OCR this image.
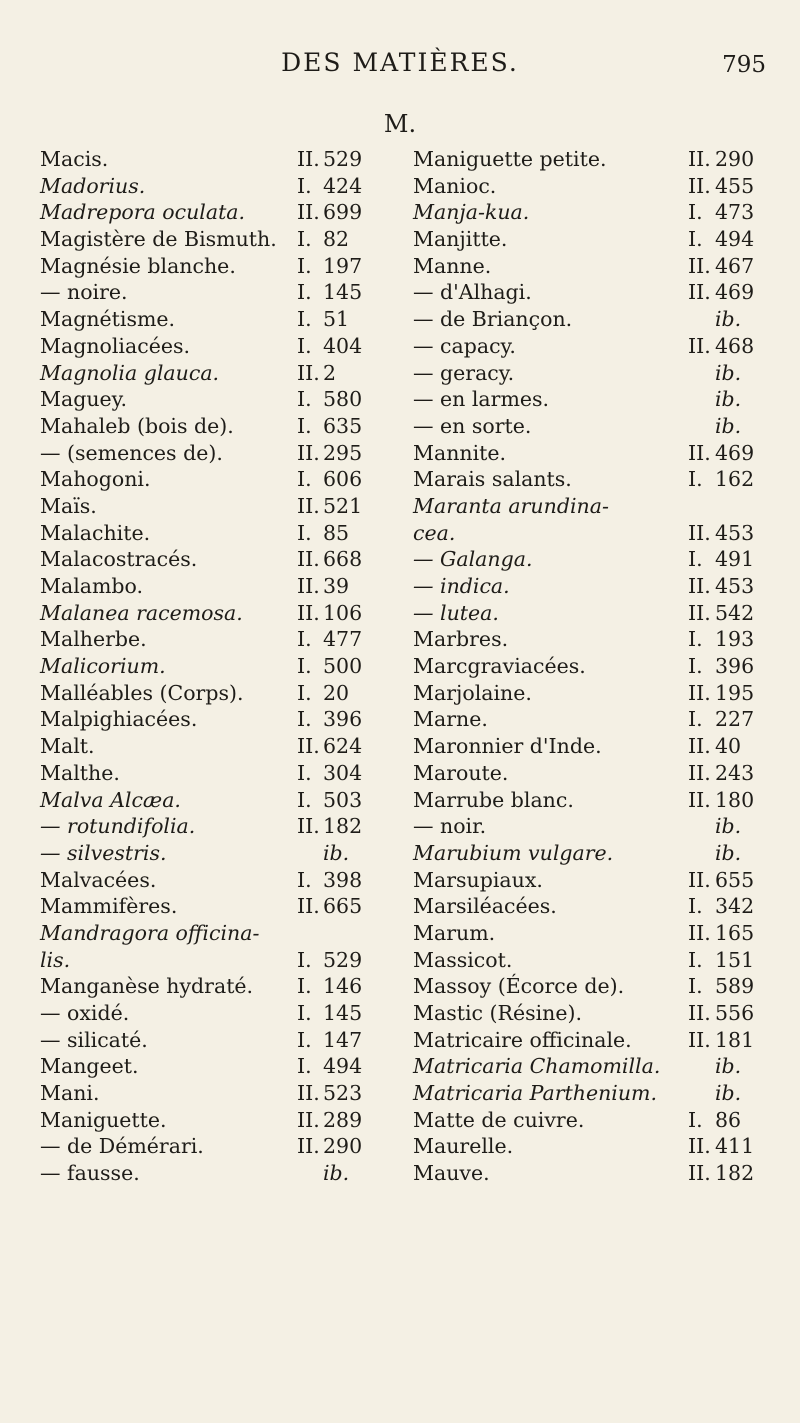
DES MATIÈRES.	795
M.
Macis.	II. 529
Madorius.	I. 424
Madrepora oculata.	II. 699
Magistère de Bismuth. I. 82
Magnésie blanche.	I. 197
— noire.	I. 145
Magnétisme.	I. 51
Magnoliacées.	I. 404
Magnolia glauca.	II. 2
Maguey.	I. 580
Mahaleb (bois de).	I. 635
— (semences de).	II. 295
Mahogoni.	I. 606
Maïs.	II. 521
Malachite.	I. 85
Malacostracés.	II. 668
Malambo.	II. 39
Malanea racemosa.	II. 106
Malherbe.	I. 477
Malicorium.	I. 500
Malléables (Corps).	I. 20
Malpighiacées.	I. 396
Malt.	II. 624
Malthe.	I. 304
Malva Alcæa.	I. 503
— rotundifolia.	II. 182
— silvestris.	ib.
Malvacées.	I. 398
Mammifères.	II. 665
Mandragora officina-
lis.	I. 529
Manganèse hydraté. I. 146
— oxidé.	I. 145
— silicaté.	I. 147
Mangeet.	I. 494
Mani.	II. 523
Maniguette.	II. 289
— de Démérari.	II. 290
— fausse.	ib.
Maniguette petite.	II. 290
Manioc.	II. 455
Manja-kua.	I. 473
Manjitte.	I. 494
Manne.	II. 467
— d'Alhagi.	II. 469
— de Briançon.	ib.
— capacy.	II. 468
— geracy.	ib.
— en larmes.	ib.
— en sorte.	ib.
Mannite.	II. 469
Marais salants.	I. 162
Maranta arundina-
cea.	II. 453
— Galanga.	I. 491
— indica.	II. 453
— lutea.	II. 542
Marbres.	I. 193
Marcgraviacées.	I. 396
Marjolaine.	II. 195
Marne.	I. 227
Maronnier d'Inde.	II. 40
Maroute.	II. 243
Marrube blanc.	II. 180
— noir.	ib.
Marubium vulgare.	ib.
Marsupiaux.	II. 655
Marsiléacées.	I. 342
Marum.	II. 165
Massicot.	I. 151
Massoy (Écorce de).	I. 589
Mastic (Résine).	II. 556
Matricaire officinale.	II. 181
Matricaria Chamomilla.	ib.
Matricaria Parthenium.	ib.
Matte de cuivre.	I. 86
Maurelle.	II. 411
Mauve.	II. 182
